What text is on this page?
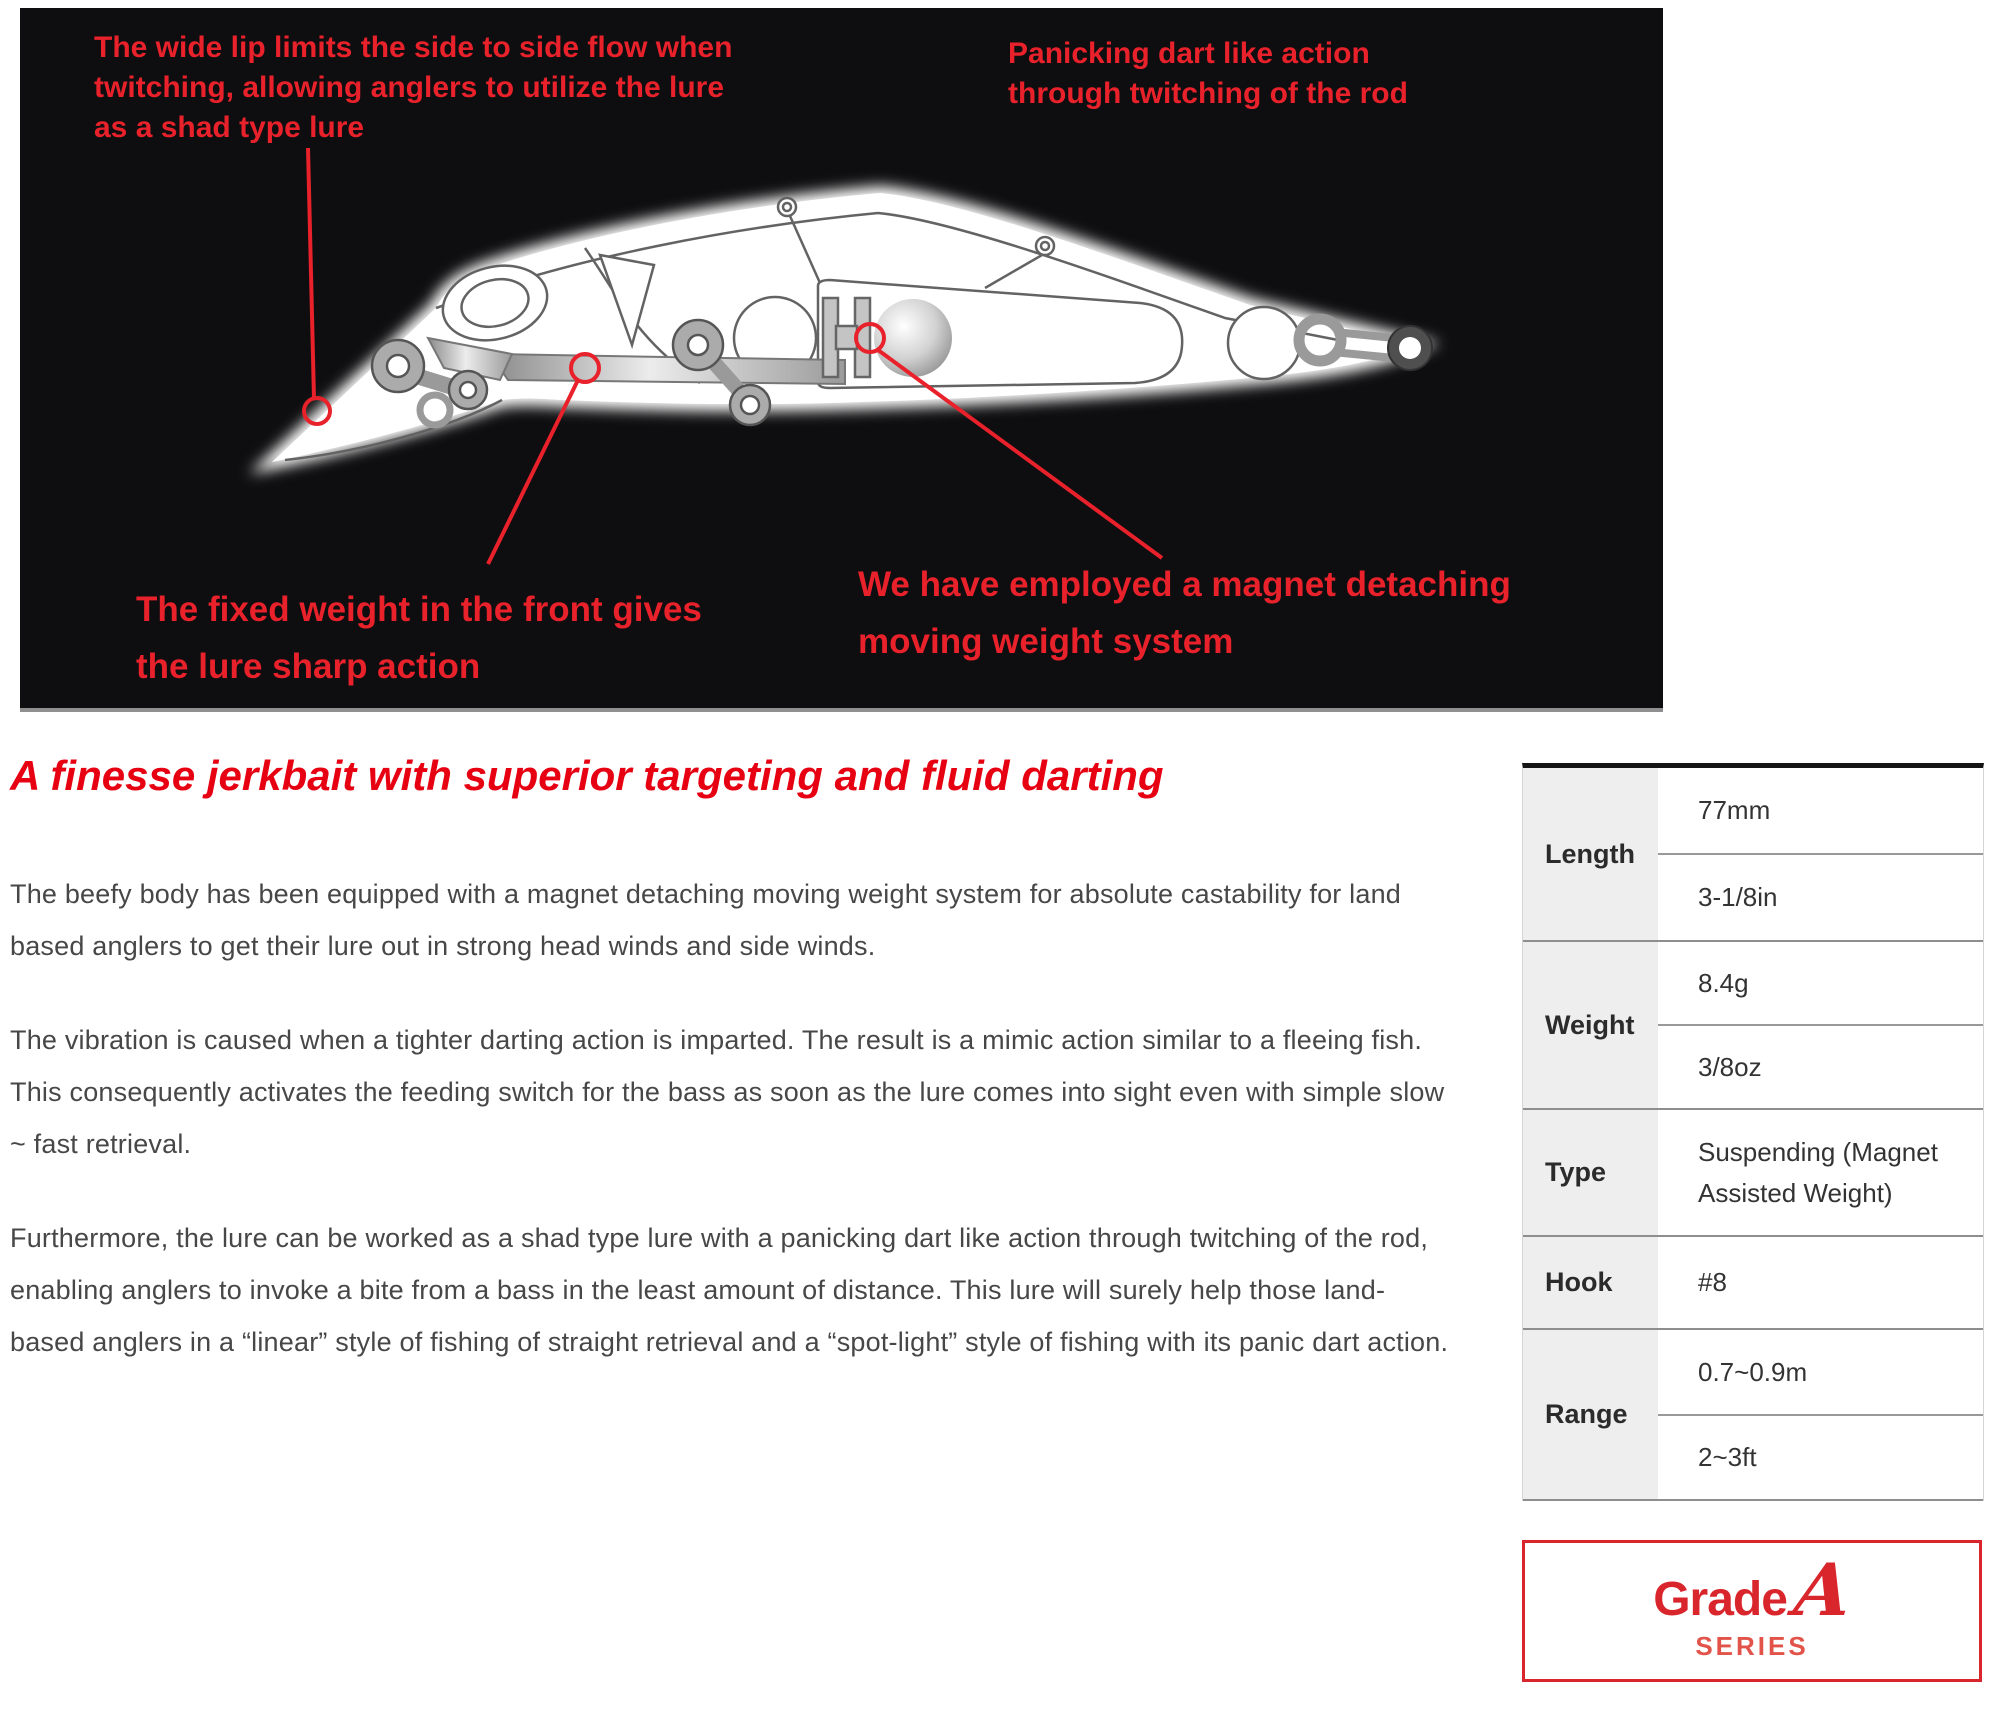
The wide lip limits the side to side flow when
twitching, allowing anglers to utilize the lure
as a shad type lure
Panicking dart like action
through twitching of the rod
The fixed weight in the front gives
the lure sharp action
We have employed a magnet detaching
moving weight system
A finesse jerkbait with superior targeting and fluid darting

The beefy body has been equipped with a magnet detaching moving weight system for absolute castability for land based anglers to get their lure out in strong head winds and side winds.

The vibration is caused when a tighter darting action is imparted. The result is a mimic action similar to a fleeing fish. This consequently activates the feeding switch for the bass as soon as the lure comes into sight even with simple slow ~ fast retrieval.

Furthermore, the lure can be worked as a shad type lure with a panicking dart like action through twitching of the rod, enabling anglers to invoke a bite from a bass in the least amount of distance. This lure will surely help those land-based anglers in a “linear” style of fishing of straight retrieval and a “spot-light” style of fishing with its panic dart action.

Length
77mm
3-1/8in
Weight
8.4g
3/8oz
Type
Suspending (Magnet Assisted Weight)
Hook	#8
Range
0.7~0.9m
2~3ft
Grade A
SERIES
